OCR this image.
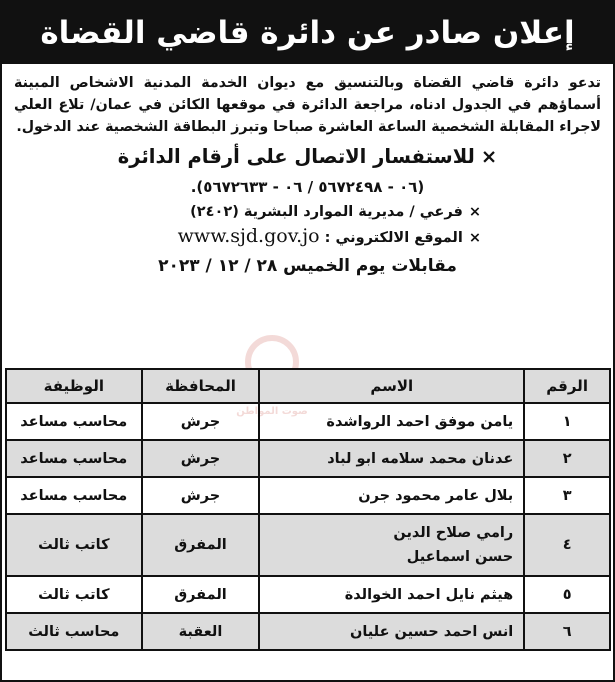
إعلان صادر عن دائرة قاضي القضاة

تدعو دائرة قاضي القضاة وبالتنسيق مع ديوان الخدمة المدنية الاشخاص المبينة أسماؤهم في الجدول ادناه، مراجعة الدائرة في موقعها الكائن في عمان/ تلاع العلي لاجراء المقابلة الشخصية الساعة العاشرة صباحا وتبرز البطاقة الشخصية عند الدخول.

×للاستفسار الاتصال على أرقام الدائرة
(٠٦ - ٥٦٧٢٤٩٨ / ٠٦ - ٥٦٧٢٦٣٣).
×فرعي / مديرية الموارد البشرية (٢٤٠٢)
×الموقع الالكتروني : www.sjd.gov.jo
مقابلات يوم الخميس ٢٨ / ١٢ / ٢٠٢٣
صوت المواطن
الرقم	الاسم	المحافظة	الوظيفة
١	يامن موفق احمد الرواشدة	جرش	محاسب مساعد
٢	عدنان محمد سلامه ابو لباد	جرش	محاسب مساعد
٣	بلال عامر محمود جرن	جرش	محاسب مساعد
٤	رامي صلاح الدين
حسن اسماعيل	المفرق	كاتب ثالث
٥	هيثم نايل احمد الخوالدة	المفرق	كاتب ثالث
٦	انس احمد حسين عليان	العقبة	محاسب ثالث
